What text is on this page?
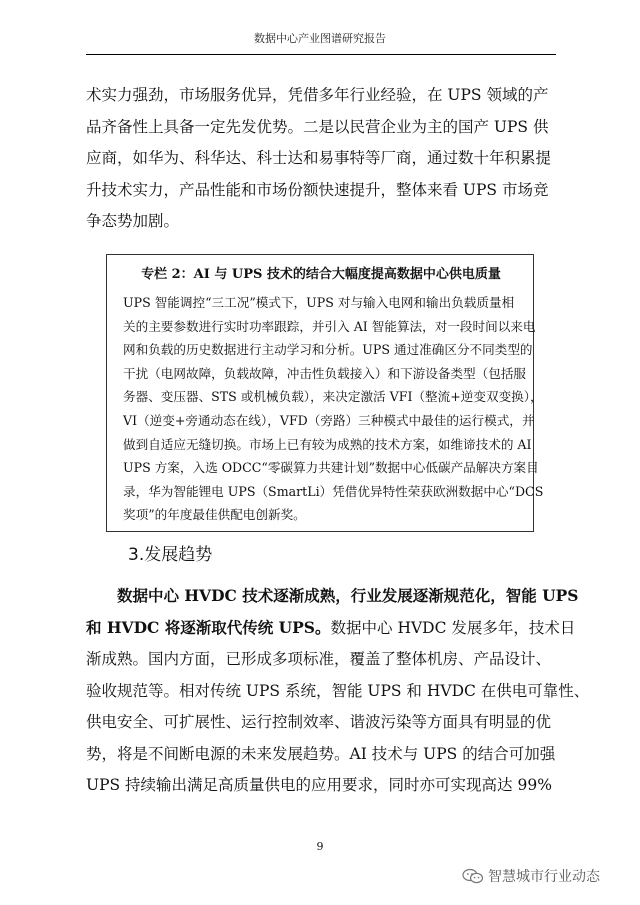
数据中心产业图谱研究报告

术实力强劲，市场服务优异，凭借多年行业经验，在 UPS 领域的产

品齐备性上具备一定先发优势。二是以民营企业为主的国产 UPS 供

应商，如华为、科华达、科士达和易事特等厂商，通过数十年积累提

升技术实力，产品性能和市场份额快速提升，整体来看 UPS 市场竞

争态势加剧。

专栏 2：AI 与 UPS 技术的结合大幅度提高数据中心供电质量

UPS 智能调控“三工况”模式下，UPS 对与输入电网和输出负载质量相

关的主要参数进行实时功率跟踪，并引入 AI 智能算法，对一段时间以来电

网和负载的历史数据进行主动学习和分析。UPS 通过准确区分不同类型的

干扰（电网故障，负载故障，冲击性负载接入）和下游设备类型（包括服

务器、变压器、STS 或机械负载），来决定激活 VFI（整流+逆变双变换），

VI（逆变+旁通动态在线），VFD（旁路）三种模式中最佳的运行模式，并

做到自适应无缝切换。市场上已有较为成熟的技术方案，如维谛技术的 AI

UPS 方案，入选 ODCC“零碳算力共建计划”数据中心低碳产品解决方案目

录，华为智能锂电 UPS（SmartLi）凭借优异特性荣获欧洲数据中心“DCS

奖项”的年度最佳供配电创新奖。

3.发展趋势

数据中心 HVDC 技术逐渐成熟，行业发展逐渐规范化，智能 UPS

和 HVDC 将逐渐取代传统 UPS。数据中心 HVDC 发展多年，技术日

渐成熟。国内方面，已形成多项标准，覆盖了整体机房、产品设计、

验收规范等。相对传统 UPS 系统，智能 UPS 和 HVDC 在供电可靠性、

供电安全、可扩展性、运行控制效率、谐波污染等方面具有明显的优

势，将是不间断电源的未来发展趋势。AI 技术与 UPS 的结合可加强

UPS 持续输出满足高质量供电的应用要求，同时亦可实现高达 99%

9
智慧城市行业动态
